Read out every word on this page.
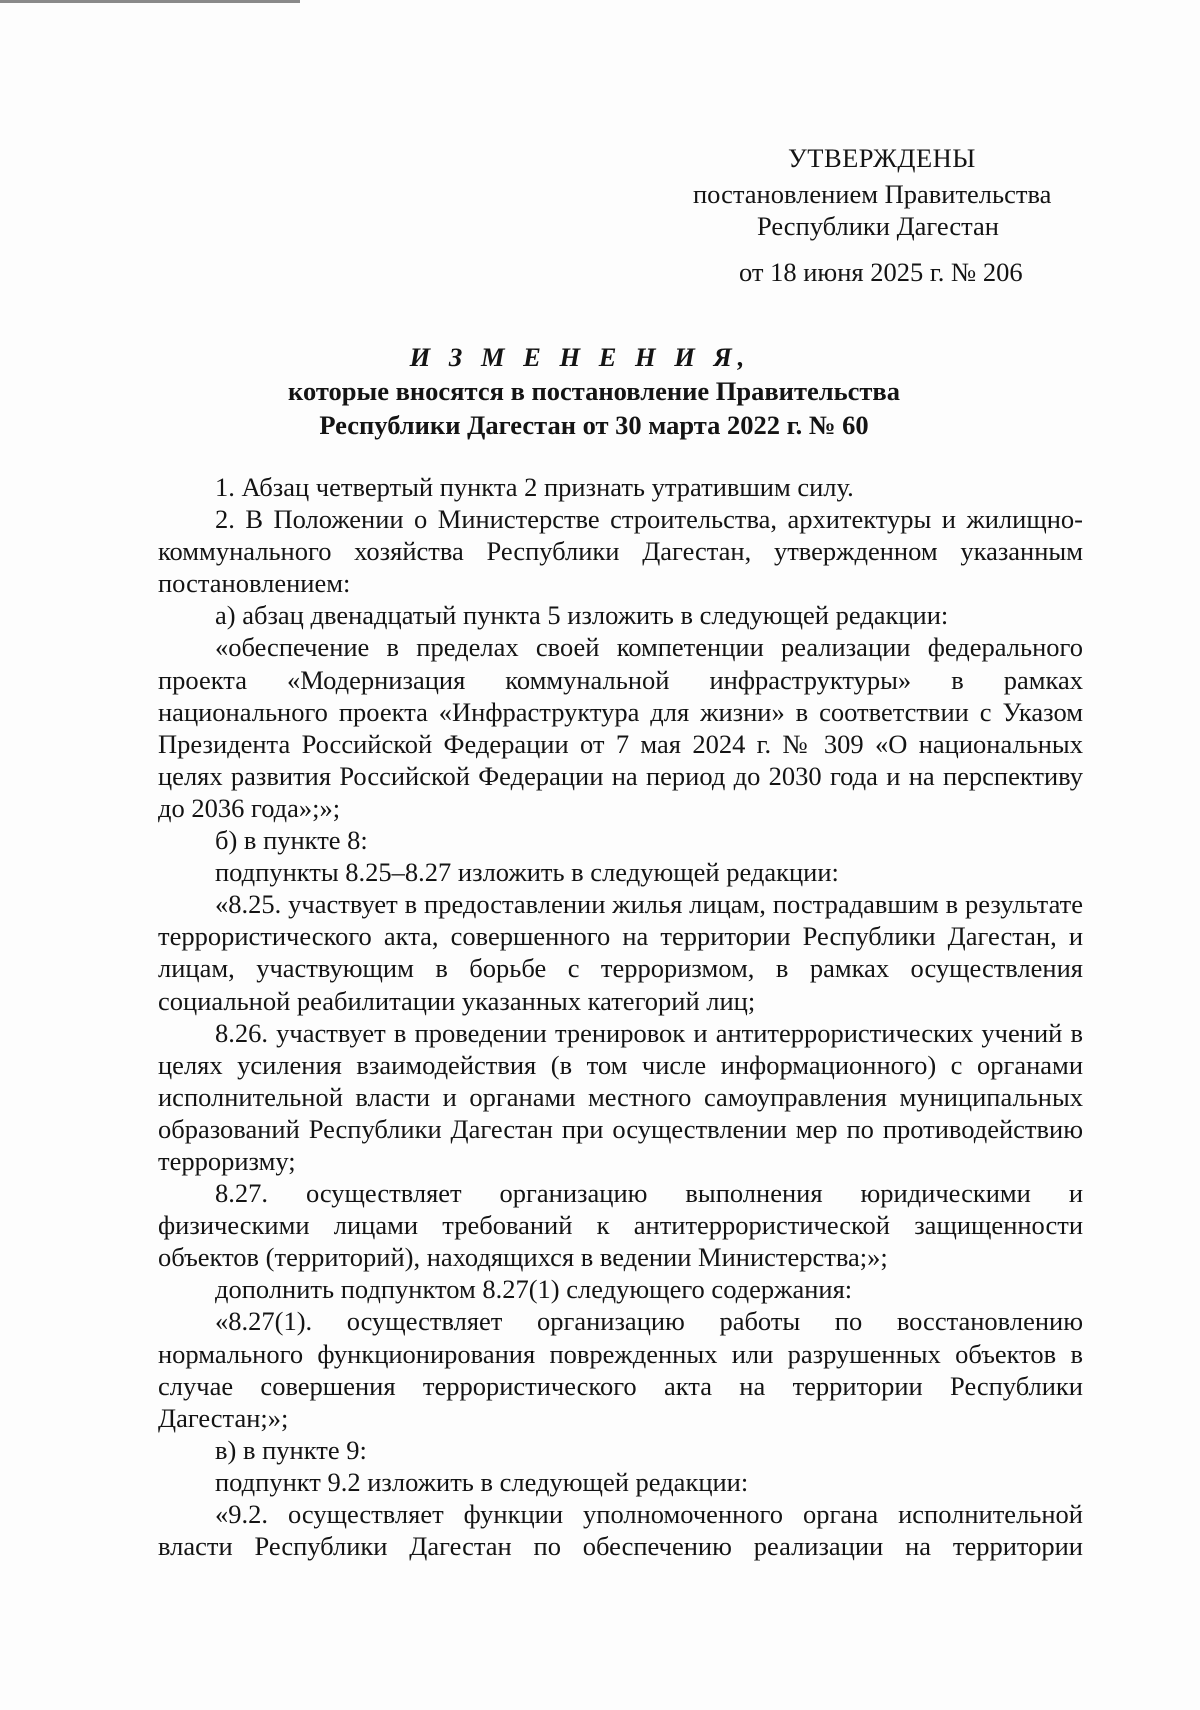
УТВЕРЖДЕНЫ
постановлением Правительства
Республики Дагестан
от 18 июня 2025 г. № 206
И З М Е Н Е Н И Я,
которые вносятся в постановление Правительства
Республики Дагестан от 30 марта 2022 г. № 60

1. Абзац четвертый пункта 2 признать утратившим силу.

2. В Положении о Министерстве строительства, архитектуры и жилищно-коммунального хозяйства Республики Дагестан, утвержденном указанным постановлением:

а) абзац двенадцатый пункта 5 изложить в следующей редакции:

«обеспечение в пределах своей компетенции реализации федерального проекта «Модернизация коммунальной инфраструктуры» в рамках национального проекта «Инфраструктура для жизни» в соответствии с Указом Президента Российской Федерации от 7 мая 2024 г. № 309 «О национальных целях развития Российской Федерации на период до 2030 года и на перспективу до 2036 года»;»;

б) в пункте 8:

подпункты 8.25–8.27 изложить в следующей редакции:

«8.25. участвует в предоставлении жилья лицам, пострадавшим в результате террористического акта, совершенного на территории Республики Дагестан, и лицам, участвующим в борьбе с терроризмом, в рамках осуществления социальной реабилитации указанных категорий лиц;

8.26. участвует в проведении тренировок и антитеррористических учений в целях усиления взаимодействия (в том числе информационного) с органами исполнительной власти и органами местного самоуправления муниципальных образований Республики Дагестан при осуществлении мер по противодействию терроризму;

8.27. осуществляет организацию выполнения юридическими и физическими лицами требований к антитеррористической защищенности объектов (территорий), находящихся в ведении Министерства;»;

дополнить подпунктом 8.27(1) следующего содержания:

«8.27(1). осуществляет организацию работы по восстановлению нормального функционирования поврежденных или разрушенных объектов в случае совершения террористического акта на территории Республики Дагестан;»;

в) в пункте 9:

подпункт 9.2 изложить в следующей редакции:

«9.2. осуществляет функции уполномоченного органа исполнительной власти Республики Дагестан по обеспечению реализации на территории
